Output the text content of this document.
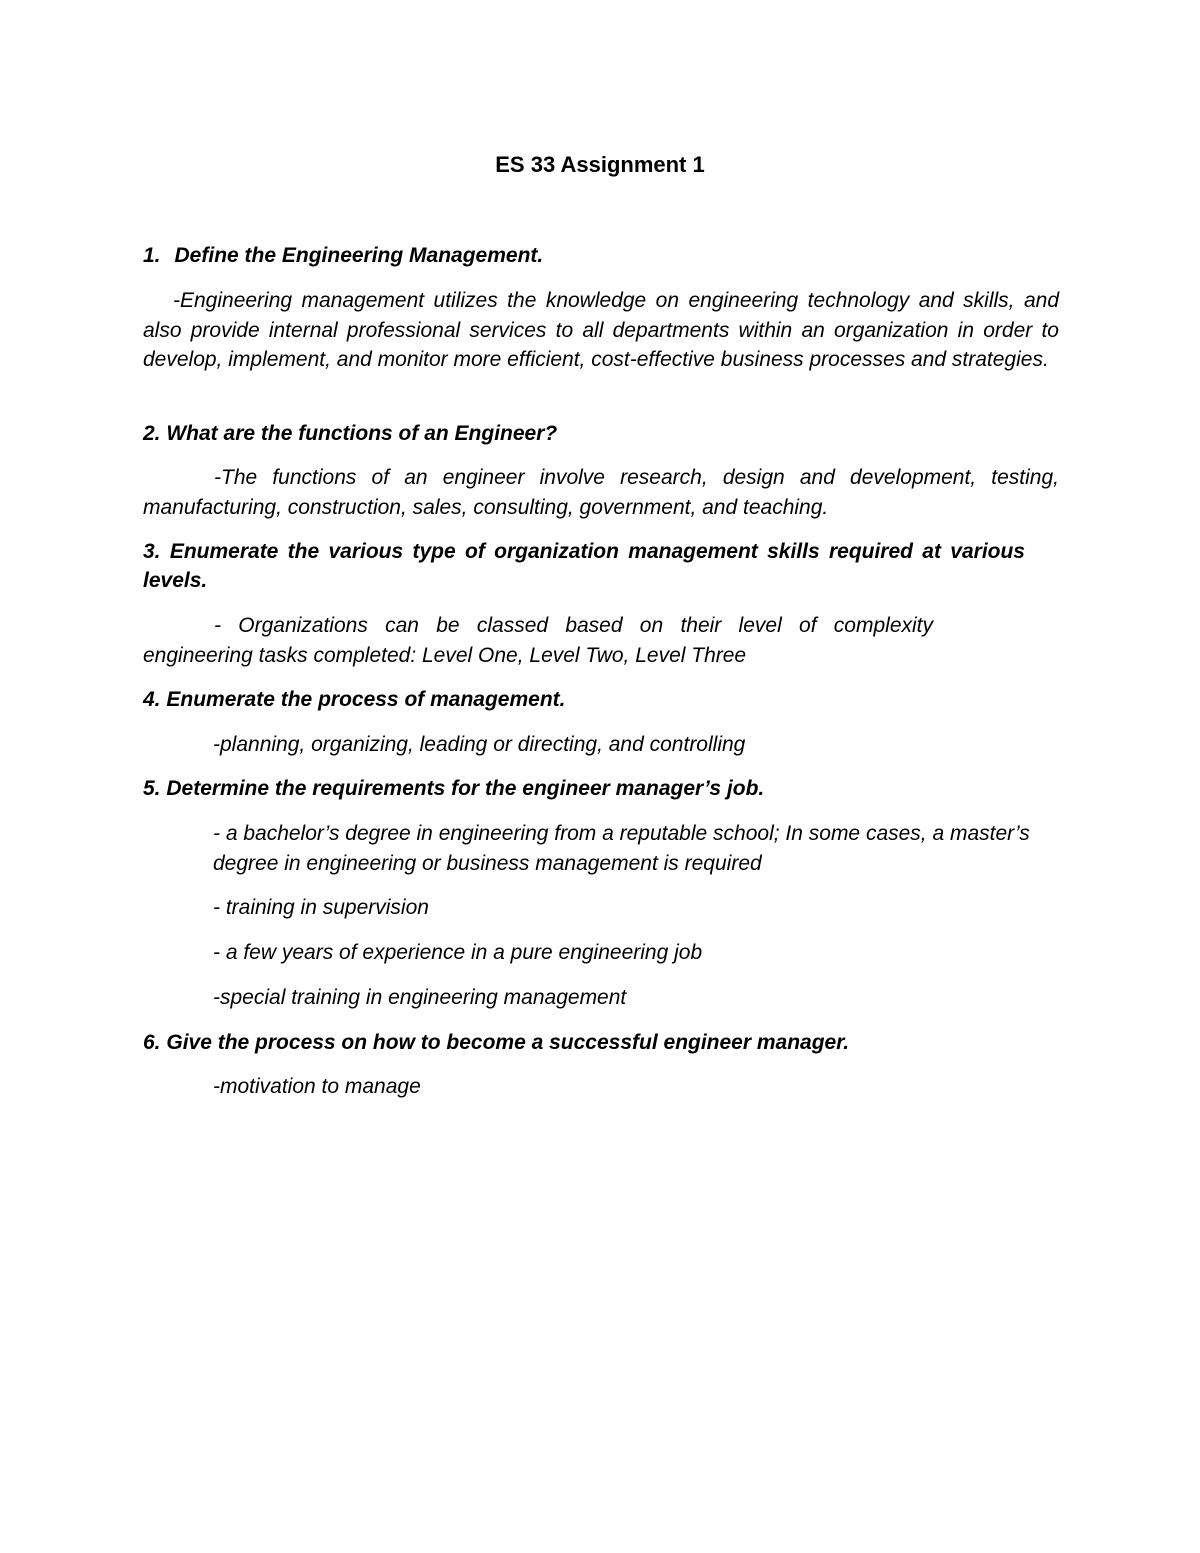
ES 33 Assignment 1
1. Define the Engineering Management.
-Engineering management utilizes the knowledge on engineering technology and skills, and also provide internal professional services to all departments within an organization in order to develop, implement, and monitor more efficient, cost-effective business processes and strategies.
2. What are the functions of an Engineer?
-The functions of an engineer involve research, design and development, testing, manufacturing, construction, sales, consulting, government, and teaching.
3. Enumerate the various type of organization management skills required at various levels.
- Organizations can be classed based on their level of complexity engineering tasks completed: Level One, Level Two, Level Three
4. Enumerate the process of management.
-planning, organizing, leading or directing, and controlling
5. Determine the requirements for the engineer manager’s job.
- a bachelor’s degree in engineering from a reputable school; In some cases, a master’s degree in engineering or business management is required
- training in supervision
- a few years of experience in a pure engineering job
-special training in engineering management
6. Give the process on how to become a successful engineer manager.
-motivation to manage
